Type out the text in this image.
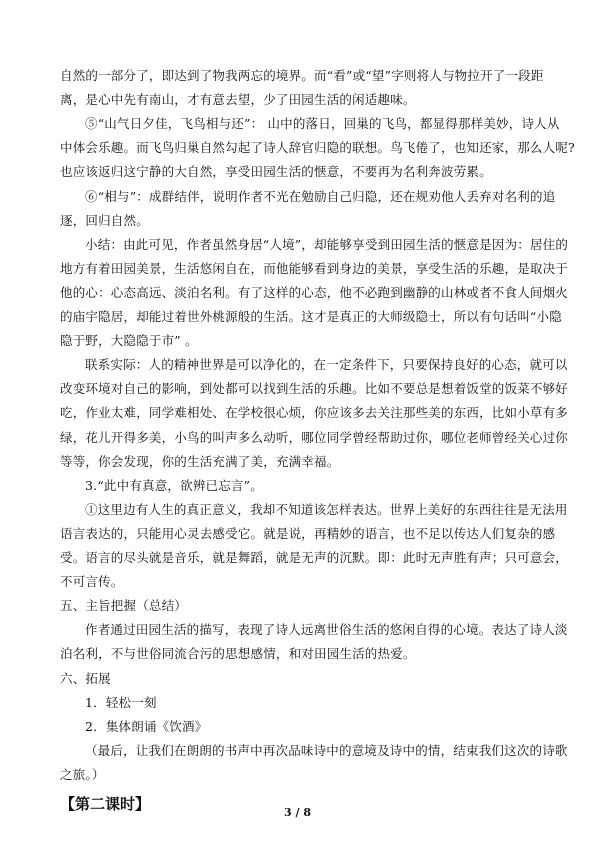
自然的一部分了，即达到了物我两忘的境界。而“看”或“望”字则将人与物拉开了一段距
离，是心中先有南山，才有意去望，少了田园生活的闲适趣味。
⑤“山气日夕佳，飞鸟相与还”： 山中的落日，回巢的飞鸟，都显得那样美妙，诗人从
中体会乐趣。而飞鸟归巢自然勾起了诗人辞官归隐的联想。鸟飞倦了，也知还家，那么人呢?
也应该返归这宁静的大自然，享受田园生活的惬意，不要再为名利奔波劳累。
⑥“相与”：成群结伴，说明作者不光在勉励自己归隐，还在规劝他人丢弃对名利的追
逐，回归自然。
小结：由此可见，作者虽然身居“人境”，却能够享受到田园生活的惬意是因为：居住的
地方有着田园美景，生活悠闲自在，而他能够看到身边的美景，享受生活的乐趣，是取决于
他的心：心态高远、淡泊名利。有了这样的心态，他不必跑到幽静的山林或者不食人间烟火
的庙宇隐居，却能过着世外桃源般的生活。这才是真正的大师级隐士，所以有句话叫“小隐
隐于野，大隐隐于市” 。
联系实际：人的精神世界是可以净化的，在一定条件下，只要保持良好的心态，就可以
改变环境对自己的影响，到处都可以找到生活的乐趣。比如不要总是想着饭堂的饭菜不够好
吃，作业太难，同学难相处、在学校很心烦，你应该多去关注那些美的东西，比如小草有多
绿，花儿开得多美，小鸟的叫声多么动听，哪位同学曾经帮助过你，哪位老师曾经关心过你
等等，你会发现，你的生活充满了美，充满幸福。
3.“此中有真意，欲辨已忘言”。
①这里边有人生的真正意义，我却不知道该怎样表达。世界上美好的东西往往是无法用
语言表达的，只能用心灵去感受它。就是说，再精妙的语言，也不足以传达人们复杂的感
受。语言的尽头就是音乐，就是舞蹈，就是无声的沉默。即：此时无声胜有声；只可意会，
不可言传。
五、主旨把握（总结）
作者通过田园生活的描写，表现了诗人远离世俗生活的悠闲自得的心境。表达了诗人淡
泊名利，不与世俗同流合污的思想感情，和对田园生活的热爱。
六、拓展
1．轻松一刻
2．集体朗诵《饮酒》
（最后，让我们在朗朗的书声中再次品味诗中的意境及诗中的情，结束我们这次的诗歌
之旅。）
【第二课时】	3 / 8
